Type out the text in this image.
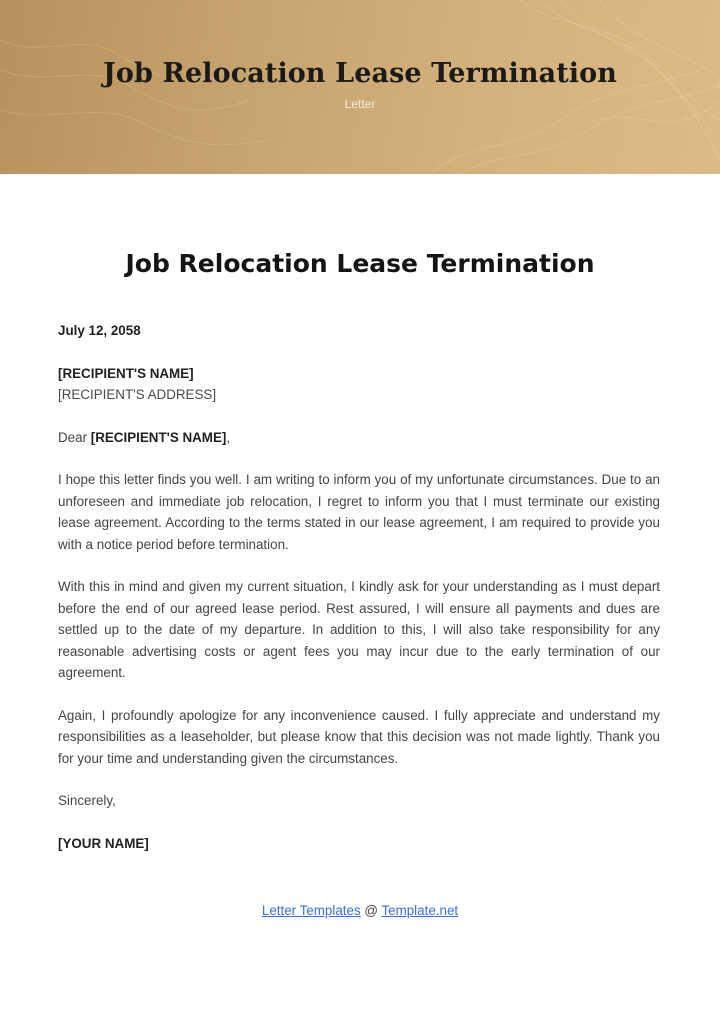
Job Relocation Lease Termination
Letter
Job Relocation Lease Termination

July 12, 2058

[RECIPIENT'S NAME]

[RECIPIENT'S ADDRESS]

Dear [RECIPIENT'S NAME],

I hope this letter finds you well. I am writing to inform you of my unfortunate circumstances. Due to an unforeseen and immediate job relocation, I regret to inform you that I must terminate our existing lease agreement. According to the terms stated in our lease agreement, I am required to provide you with a notice period before termination.

With this in mind and given my current situation, I kindly ask for your understanding as I must depart before the end of our agreed lease period. Rest assured, I will ensure all payments and dues are settled up to the date of my departure. In addition to this, I will also take responsibility for any reasonable advertising costs or agent fees you may incur due to the early termination of our agreement.

Again, I profoundly apologize for any inconvenience caused. I fully appreciate and understand my responsibilities as a leaseholder, but please know that this decision was not made lightly. Thank you for your time and understanding given the circumstances.

Sincerely,

[YOUR NAME]

Letter Templates @ Template.net
